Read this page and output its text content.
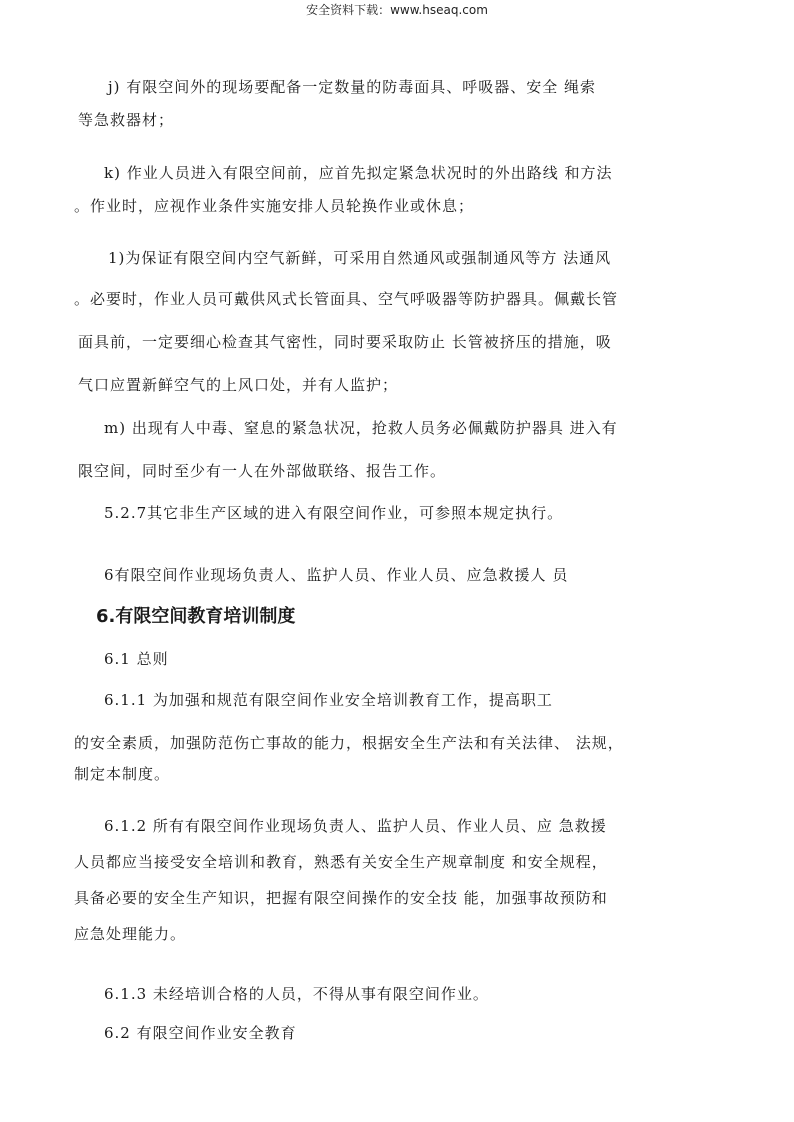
安全资料下载：www.hseaq.com
j) 有限空间外的现场要配备一定数量的防毒面具、呼吸器、安全 绳索
等急救器材；
k) 作业人员进入有限空间前，应首先拟定紧急状况时的外出路线 和方法
。作业时，应视作业条件实施安排人员轮换作业或休息；
1)为保证有限空间内空气新鲜，可采用自然通风或强制通风等方 法通风
。必要时，作业人员可戴供风式长管面具、空气呼吸器等防护器具。佩戴长管
面具前，一定要细心检查其气密性，同时要采取防止 长管被挤压的措施，吸
气口应置新鲜空气的上风口处，并有人监护；
m) 出现有人中毒、窒息的紧急状况，抢救人员务必佩戴防护器具 进入有
限空间，同时至少有一人在外部做联络、报告工作。
5.2.7其它非生产区域的进入有限空间作业，可参照本规定执行。
6有限空间作业现场负责人、监护人员、作业人员、应急救援人 员
6.有限空间教育培训制度
6.1 总则
6.1.1 为加强和规范有限空间作业安全培训教育工作，提高职工
的安全素质，加强防范伤亡事故的能力，根据安全生产法和有关法律、 法规，
制定本制度。
6.1.2 所有有限空间作业现场负责人、监护人员、作业人员、应 急救援
人员都应当接受安全培训和教育，熟悉有关安全生产规章制度 和安全规程，
具备必要的安全生产知识，把握有限空间操作的安全技 能，加强事故预防和
应急处理能力。
6.1.3 未经培训合格的人员，不得从事有限空间作业。
6.2 有限空间作业安全教育
